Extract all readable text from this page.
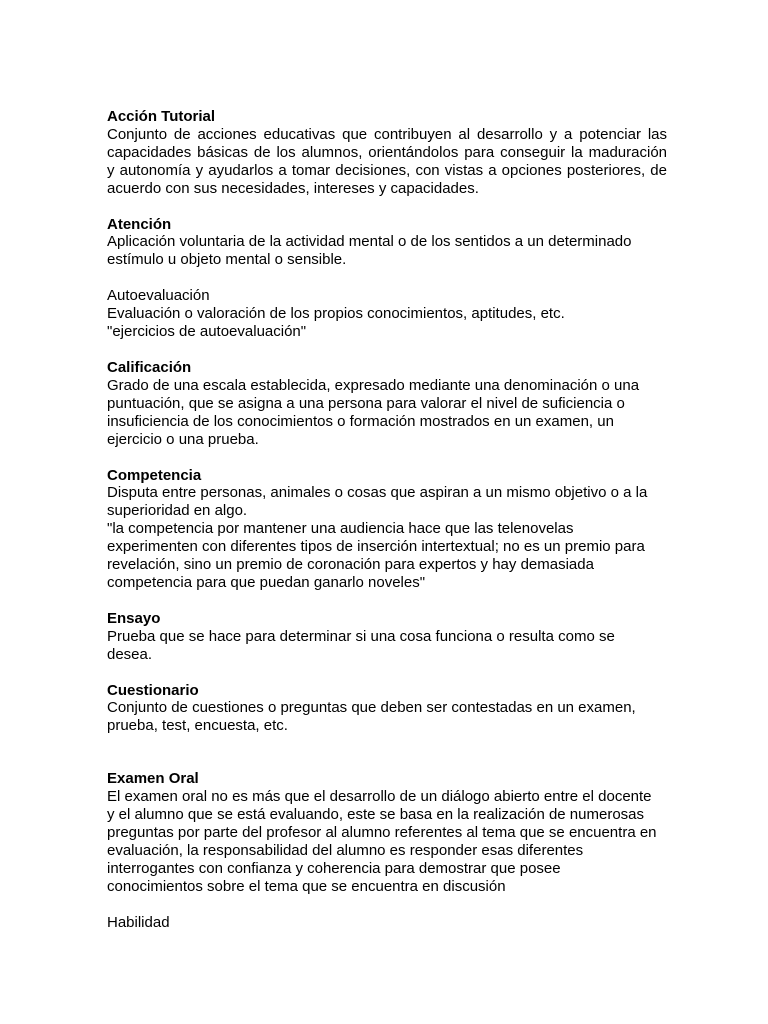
Acción Tutorial
Conjunto de acciones educativas que contribuyen al desarrollo y a potenciar las
capacidades básicas de los alumnos, orientándolos para conseguir la maduración
y autonomía y ayudarlos a tomar decisiones, con vistas a opciones posteriores, de
acuerdo con sus necesidades, intereses y capacidades.
Atención
Aplicación voluntaria de la actividad mental o de los sentidos a un determinado
estímulo u objeto mental o sensible.
Autoevaluación
Evaluación o valoración de los propios conocimientos, aptitudes, etc.
"ejercicios de autoevaluación"
Calificación
Grado de una escala establecida, expresado mediante una denominación o una
puntuación, que se asigna a una persona para valorar el nivel de suficiencia o
insuficiencia de los conocimientos o formación mostrados en un examen, un
ejercicio o una prueba.
Competencia
Disputa entre personas, animales o cosas que aspiran a un mismo objetivo o a la
superioridad en algo.
"la competencia por mantener una audiencia hace que las telenovelas
experimenten con diferentes tipos de inserción intertextual; no es un premio para
revelación, sino un premio de coronación para expertos y hay demasiada
competencia para que puedan ganarlo noveles"
Ensayo
Prueba que se hace para determinar si una cosa funciona o resulta como se
desea.
Cuestionario
Conjunto de cuestiones o preguntas que deben ser contestadas en un examen,
prueba, test, encuesta, etc.
Examen Oral
El examen oral no es más que el desarrollo de un diálogo abierto entre el docente
y el alumno que se está evaluando, este se basa en la realización de numerosas
preguntas por parte del profesor al alumno referentes al tema que se encuentra en
evaluación, la responsabilidad del alumno es responder esas diferentes
interrogantes con confianza y coherencia para demostrar que posee
conocimientos sobre el tema que se encuentra en discusión
Habilidad
